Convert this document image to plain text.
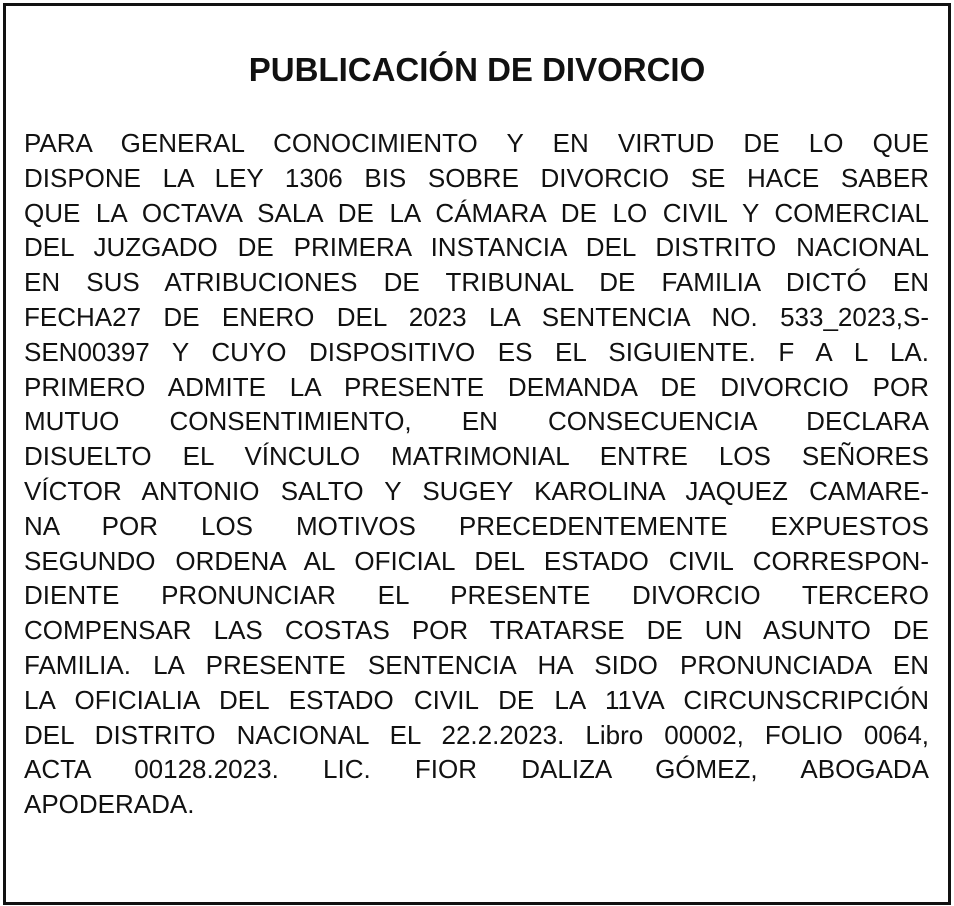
PUBLICACIÓN DE DIVORCIO
PARA GENERAL CONOCIMIENTO Y EN VIRTUD DE LO QUE
DISPONE LA LEY 1306 BIS SOBRE DIVORCIO SE HACE SABER
QUE LA OCTAVA SALA DE LA CÁMARA DE LO CIVIL Y COMERCIAL
DEL JUZGADO DE PRIMERA INSTANCIA DEL DISTRITO NACIONAL
EN SUS ATRIBUCIONES DE TRIBUNAL DE FAMILIA DICTÓ EN
FECHA27 DE ENERO DEL 2023 LA SENTENCIA NO. 533_2023,S-
SEN00397 Y CUYO DISPOSITIVO ES EL SIGUIENTE. F A L LA.
PRIMERO ADMITE LA PRESENTE DEMANDA DE DIVORCIO POR
MUTUO CONSENTIMIENTO, EN CONSECUENCIA DECLARA
DISUELTO EL VÍNCULO MATRIMONIAL ENTRE LOS SEÑORES
VÍCTOR ANTONIO SALTO Y SUGEY KAROLINA JAQUEZ CAMARE-
NA POR LOS MOTIVOS PRECEDENTEMENTE EXPUESTOS
SEGUNDO ORDENA AL OFICIAL DEL ESTADO CIVIL CORRESPON-
DIENTE PRONUNCIAR EL PRESENTE DIVORCIO TERCERO
COMPENSAR LAS COSTAS POR TRATARSE DE UN ASUNTO DE
FAMILIA. LA PRESENTE SENTENCIA HA SIDO PRONUNCIADA EN
LA OFICIALIA DEL ESTADO CIVIL DE LA 11VA CIRCUNSCRIPCIÓN
DEL DISTRITO NACIONAL EL 22.2.2023. Libro 00002, FOLIO 0064,
ACTA 00128.2023. LIC. FIOR DALIZA GÓMEZ, ABOGADA
APODERADA.
